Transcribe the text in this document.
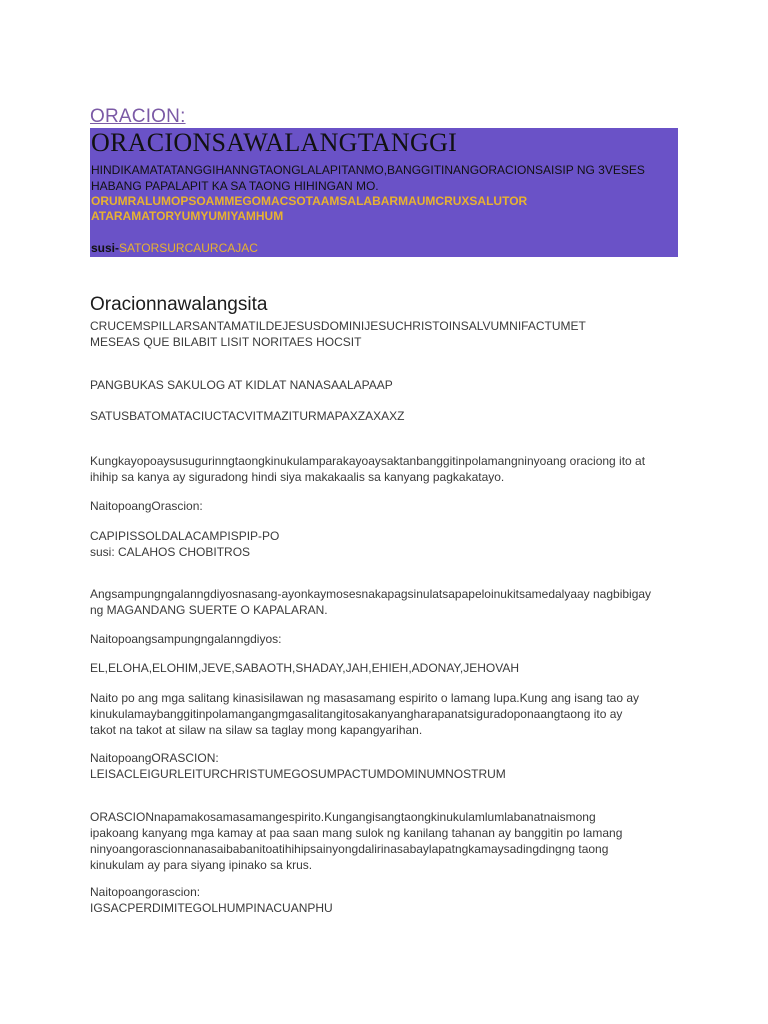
ORACION:
ORACIONSAWALANGTANGGI
HINDIKAMATATANGGIHANNGTAONGLALAPITANMO,BANGGITINANGORACIONSAISIP NG 3VESES HABANG PAPALAPIT KA SA TAONG HIHINGAN MO.
ORUMRALUMOPSOAMMEGOMACSOTAAMSALABARMAUMCRUXSALUTOR
ATARAMATORYUMYUMIYAMHUM
susi-SATORSURCAURCAJAC
Oracionnawalangsita
CRUCEMSPILLARSANTAMATILDEJESUSDOMINIJESUCHRISTOINSALVUMNIFACTUMET
MESEAS QUE BILABIT LISIT NORITAES HOCSIT
PANGBUKAS SAKULOG AT KIDLAT NANASAALAPAAP
SATUSBATOMATACIUCTACVITMAZITURMAPAXZAXAXZ
Kungkayopoaysusugurinngtaongkinukulamparakayoaysaktanbanggitinpolamangninyoang oraciong ito at
ihihip sa kanya ay siguradong hindi siya makakaalis sa kanyang pagkakatayo.
NaitopoangOrascion:
CAPIPISSOLDALACAMPISPIP-PO
susi: CALAHOS CHOBITROS
Angsampungngalanngdiyosnasang-ayonkaymosesnakapagsinulatsapapeloinukitsamedalyaay nagbibigay
ng MAGANDANG SUERTE O KAPALARAN.
Naitopoangsampungngalanngdiyos:
EL,ELOHA,ELOHIM,JEVE,SABAOTH,SHADAY,JAH,EHIEH,ADONAY,JEHOVAH
Naito po ang mga salitang kinasisilawan ng masasamang espirito o lamang lupa.Kung ang isang tao ay
kinukulamaybanggitinpolamangangmgasalitangitosakanyangharapanatsiguradoponaangtaong ito ay
takot na takot at silaw na silaw sa taglay mong kapangyarihan.
NaitopoangORASCION:
LEISACLEIGURLEITURCHRISTUMEGOSUMPACTUMDOMINUMNOSTRUM
ORASCIONnapamakosamasamangespirito.Kungangisangtaongkinukulamlumlabanatnaismong
ipakoang kanyang mga kamay at paa saan mang sulok ng kanilang tahanan ay banggitin po lamang
ninyoangorascionnanasaibabanitoatihihipsainyongdalirinasabaylapatngkamaysadingdingng taong
kinukulam ay para siyang ipinako sa krus.
Naitopoangorascion:
IGSACPERDIMITEGOLHUMPINACUANPHU
